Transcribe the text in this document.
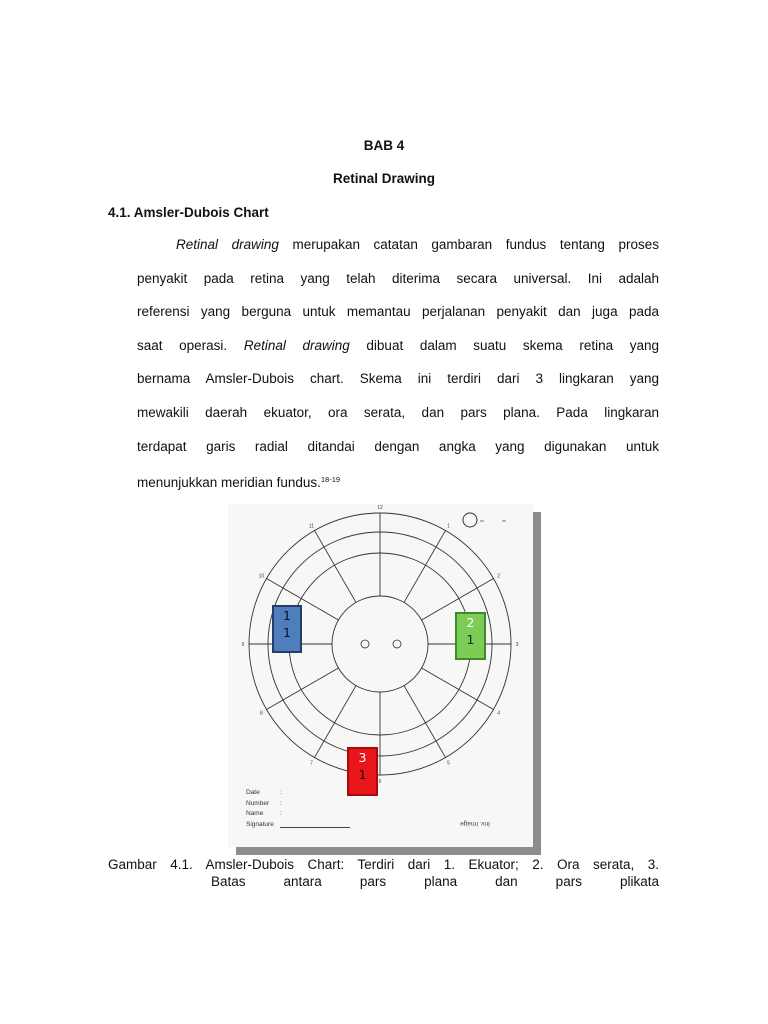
BAB 4
Retinal Drawing
4.1. Amsler-Dubois Chart
Retinal drawing merupakan catatan gambaran fundus tentang proses
penyakit pada retina yang telah diterima secara universal. Ini adalah
referensi yang berguna untuk memantau perjalanan penyakit dan juga pada
saat operasi. Retinal drawing dibuat dalam suatu skema retina yang
bernama Amsler-Dubois chart. Skema ini terdiri dari 3 lingkaran yang
mewakili daerah ekuator, ora serata, dan pars plana. Pada lingkaran
terdapat garis radial ditandai dengan angka yang digunakan untuk
menunjukkan meridian fundus.$^{18-19}$
12
1
2
3
4
5
6
7
8
9
10
11
1
1
2
1
3
1
Date	:
Number	:
Name	:
Signature	Inv. Image
Gambar 4.1. Amsler-Dubois Chart: Terdiri dari 1. Ekuator; 2. Ora serata, 3.
Batas antara pars plana dan pars plikata
